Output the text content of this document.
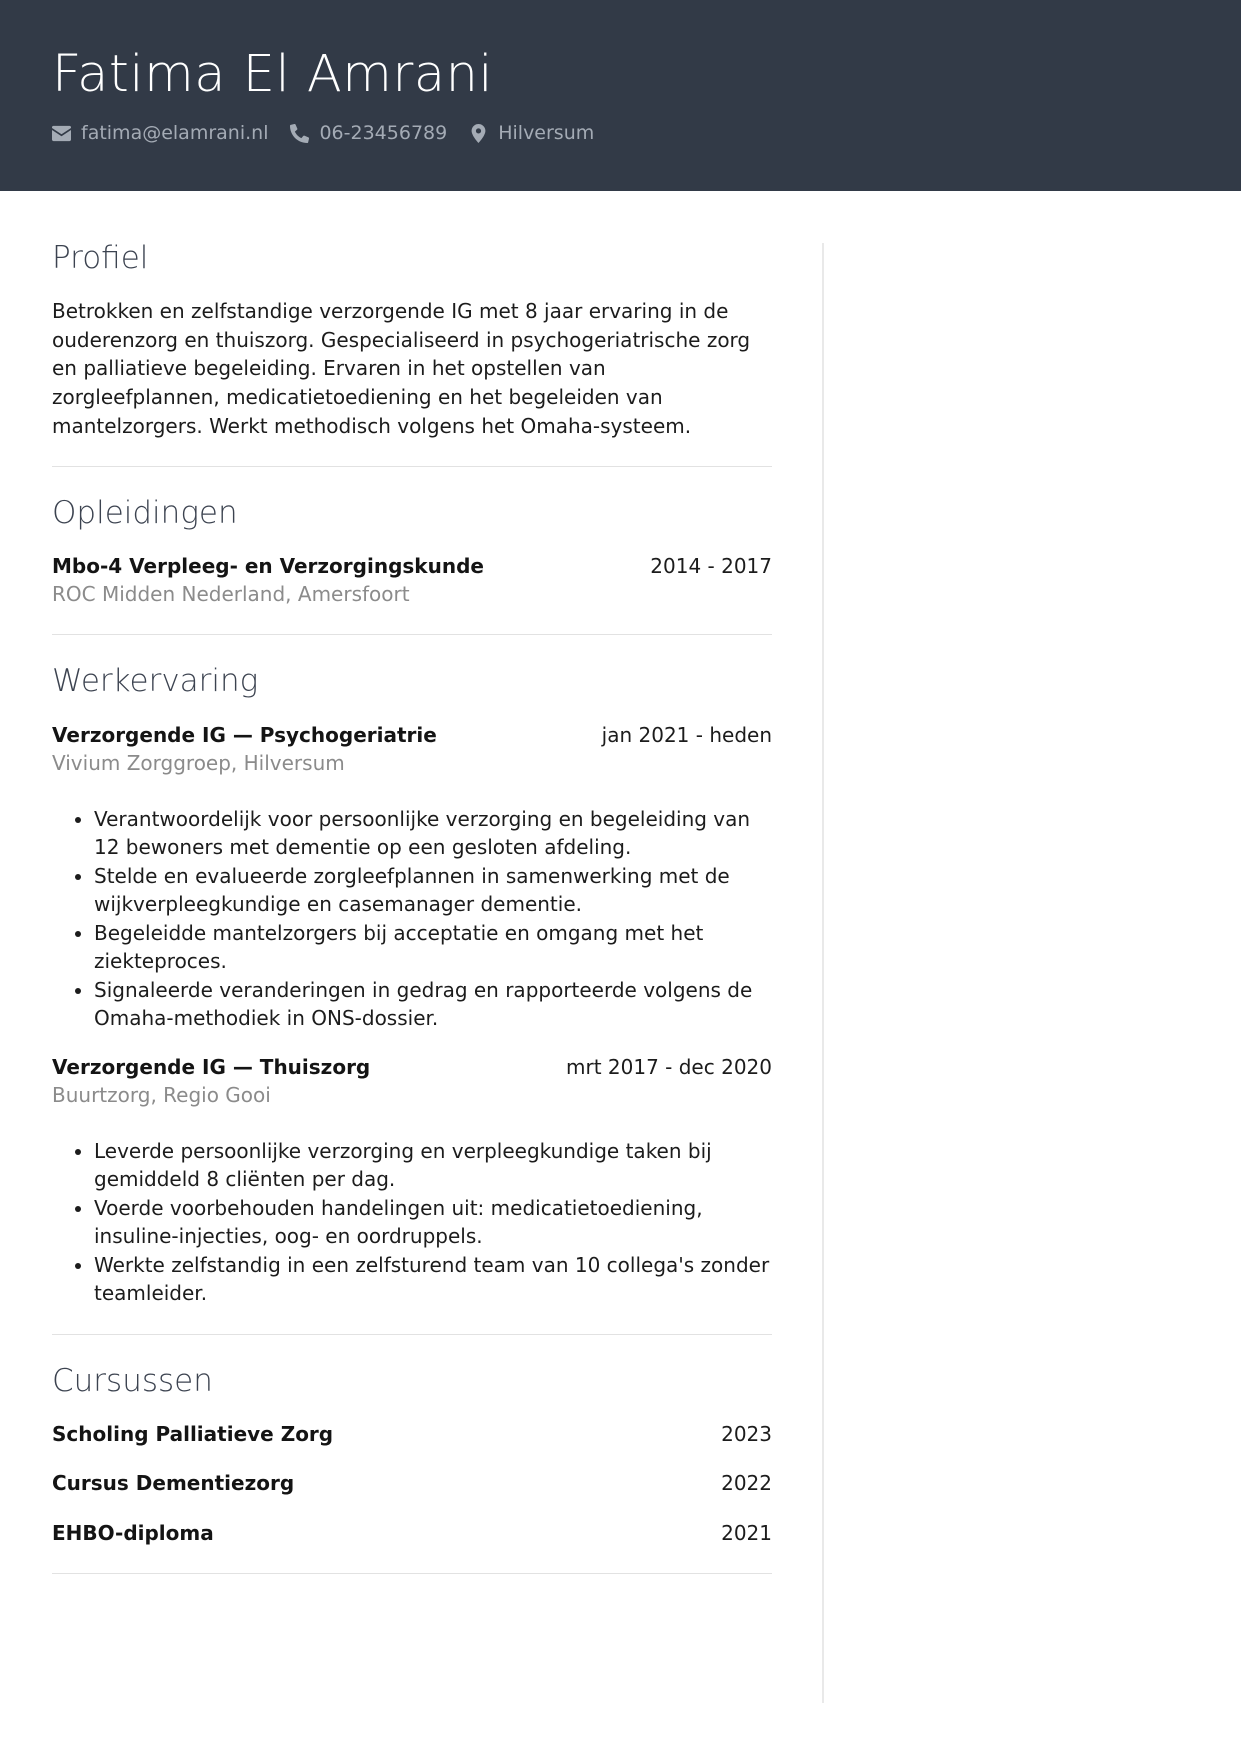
Fatima El Amrani
fatima@elamrani.nl	06-23456789	Hilversum
Profiel

Betrokken en zelfstandige verzorgende IG met 8 jaar ervaring in de ouderenzorg en thuiszorg. Gespecialiseerd in psychogeriatrische zorg en palliatieve begeleiding. Ervaren in het opstellen van zorgleefplannen, medicatietoediening en het begeleiden van mantelzorgers. Werkt methodisch volgens het Omaha-systeem.

Opleidingen
Mbo-4 Verpleeg- en Verzorgingskunde	2014 - 2017
ROC Midden Nederland, Amersfoort
Werkervaring
Verzorgende IG — Psychogeriatrie	jan 2021 - heden
Vivium Zorggroep, Hilversum
• Verantwoordelijk voor persoonlijke verzorging en begeleiding van 12 bewoners met dementie op een gesloten afdeling.
• Stelde en evalueerde zorgleefplannen in samenwerking met de wijkverpleegkundige en casemanager dementie.
• Begeleidde mantelzorgers bij acceptatie en omgang met het ziekteproces.
• Signaleerde veranderingen in gedrag en rapporteerde volgens de Omaha-methodiek in ONS-dossier.
Verzorgende IG — Thuiszorg	mrt 2017 - dec 2020
Buurtzorg, Regio Gooi
• Leverde persoonlijke verzorging en verpleegkundige taken bij gemiddeld 8 cliënten per dag.
• Voerde voorbehouden handelingen uit: medicatietoediening, insuline-injecties, oog- en oordruppels.
• Werkte zelfstandig in een zelfsturend team van 10 collega's zonder teamleider.
Cursussen
Scholing Palliatieve Zorg	2023
Cursus Dementiezorg	2022
EHBO-diploma	2021
